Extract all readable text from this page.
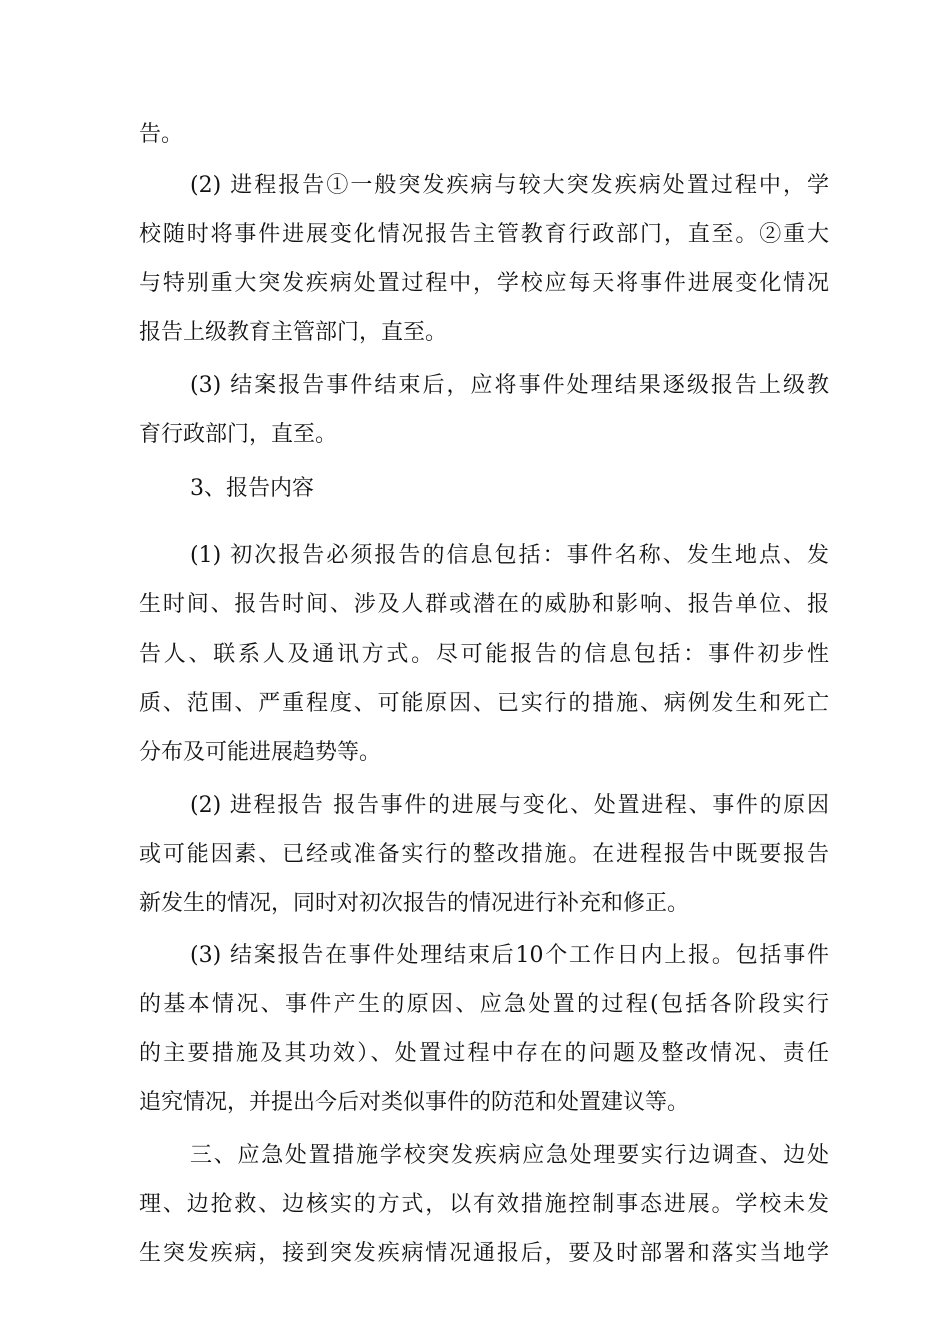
告。

(2) 进程报告①一般突发疾病与较大突发疾病处置过程中，学

校随时将事件进展变化情况报告主管教育行政部门，直至。②重大

与特别重大突发疾病处置过程中，学校应每天将事件进展变化情况

报告上级教育主管部门，直至。

(3) 结案报告事件结束后，应将事件处理结果逐级报告上级教

育行政部门，直至。

3、报告内容

(1) 初次报告必须报告的信息包括：事件名称、发生地点、发

生时间、报告时间、涉及人群或潜在的威胁和影响、报告单位、报

告人、联系人及通讯方式。尽可能报告的信息包括：事件初步性

质、范围、严重程度、可能原因、已实行的措施、病例发生和死亡

分布及可能进展趋势等。

(2) 进程报告 报告事件的进展与变化、处置进程、事件的原因

或可能因素、已经或准备实行的整改措施。在进程报告中既要报告

新发生的情况，同时对初次报告的情况进行补充和修正。

(3) 结案报告在事件处理结束后10个工作日内上报。包括事件

的基本情况、事件产生的原因、应急处置的过程(包括各阶段实行

的主要措施及其功效）、处置过程中存在的问题及整改情况、责任

追究情况，并提出今后对类似事件的防范和处置建议等。

三、应急处置措施学校突发疾病应急处理要实行边调查、边处

理、边抢救、边核实的方式，以有效措施控制事态进展。学校未发

生突发疾病，接到突发疾病情况通报后，要及时部署和落实当地学
